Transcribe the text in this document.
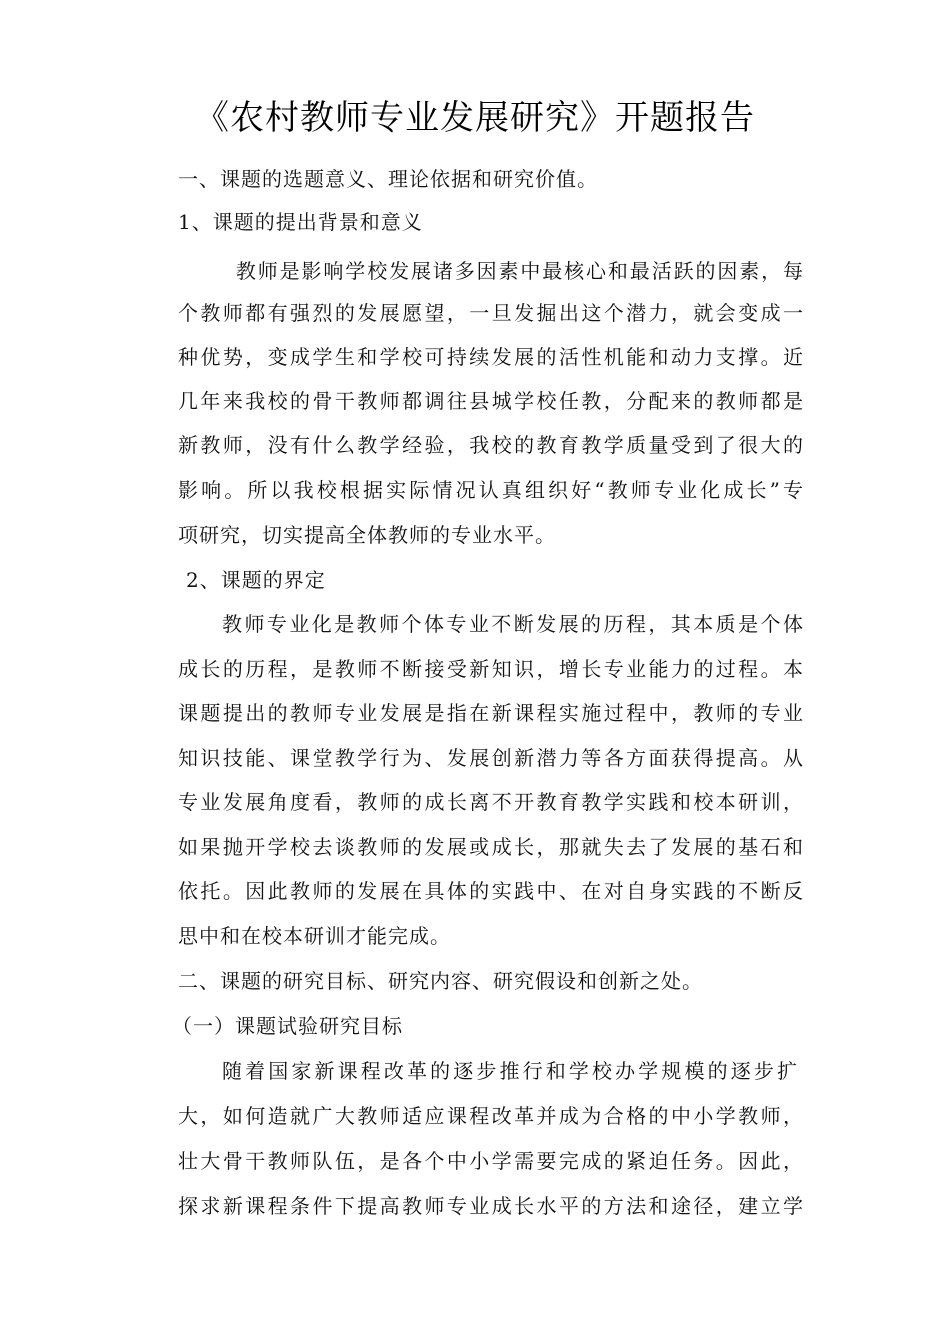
《农村教师专业发展研究》开题报告
一、课题的选题意义、理论依据和研究价值。
1、课题的提出背景和意义
　教师是影响学校发展诸多因素中最核心和最活跃的因素，每
个教师都有强烈的发展愿望，一旦发掘出这个潜力，就会变成一
种优势，变成学生和学校可持续发展的活性机能和动力支撑。近
几年来我校的骨干教师都调往县城学校任教，分配来的教师都是
新教师，没有什么教学经验，我校的教育教学质量受到了很大的
影响。所以我校根据实际情况认真组织好“教师专业化成长”专
项研究，切实提高全体教师的专业水平。
2、课题的界定
教师专业化是教师个体专业不断发展的历程，其本质是个体
成长的历程，是教师不断接受新知识，增长专业能力的过程。本
课题提出的教师专业发展是指在新课程实施过程中，教师的专业
知识技能、课堂教学行为、发展创新潜力等各方面获得提高。从
专业发展角度看，教师的成长离不开教育教学实践和校本研训，
如果抛开学校去谈教师的发展或成长，那就失去了发展的基石和
依托。因此教师的发展在具体的实践中、在对自身实践的不断反
思中和在校本研训才能完成。
二、课题的研究目标、研究内容、研究假设和创新之处。
（一）课题试验研究目标
随着国家新课程改革的逐步推行和学校办学规模的逐步扩
大，如何造就广大教师适应课程改革并成为合格的中小学教师，
壮大骨干教师队伍，是各个中小学需要完成的紧迫任务。因此，
探求新课程条件下提高教师专业成长水平的方法和途径，建立学
